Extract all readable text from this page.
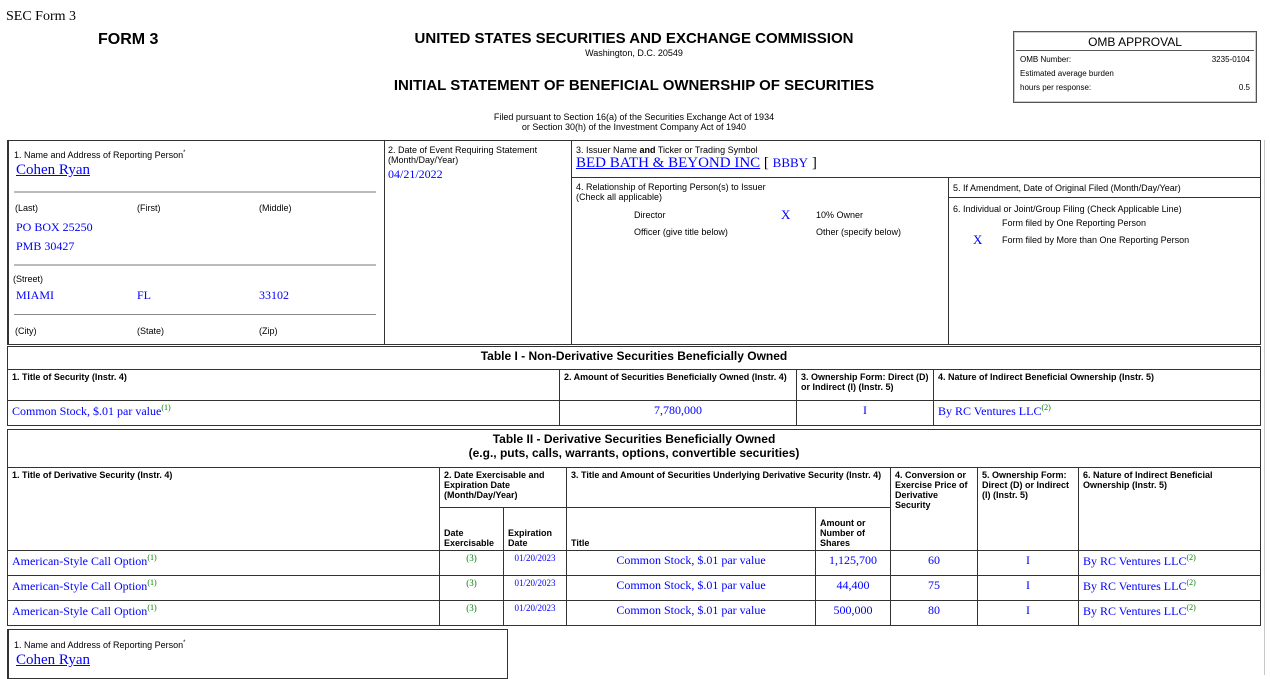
SEC Form 3
FORM 3	UNITED STATES SECURITIES AND EXCHANGE COMMISSION
Washington, D.C. 20549
INITIAL STATEMENT OF BENEFICIAL OWNERSHIP OF SECURITIES
Filed pursuant to Section 16(a) of the Securities Exchange Act of 1934
or Section 30(h) of the Investment Company Act of 1940
OMB APPROVAL
OMB Number:	3235-0104
Estimated average burden
hours per response:	0.5
1. Name and Address of Reporting Person*
Cohen Ryan
(Last)	(First)	(Middle)
PO BOX 25250
PMB 30427
(Street)
MIAMI	FL	33102
(City)	(State)	(Zip)
2. Date of Event Requiring Statement
(Month/Day/Year)
04/21/2022
3. Issuer Name and Ticker or Trading Symbol
BED BATH & BEYOND INC [ BBBY ]
4. Relationship of Reporting Person(s) to Issuer
(Check all applicable)
Director	X	10% Owner
Officer (give title below)	Other (specify below)
5. If Amendment, Date of Original Filed (Month/Day/Year)
6. Individual or Joint/Group Filing (Check Applicable Line)
Form filed by One Reporting Person
X Form filed by More than One Reporting Person
Table I - Non-Derivative Securities Beneficially Owned			
1. Title of Security (Instr. 4)	2. Amount of Securities Beneficially Owned (Instr. 4)	3. Ownership Form: Direct (D) or Indirect (I) (Instr. 5)	4. Nature of Indirect Beneficial Ownership (Instr. 5)
Common Stock, $.01 par value$^{(1)}$	7,780,000	I	By RC Ventures LLC$^{(2)}$
Table II - Derivative Securities Beneficially Owned
(e.g., puts, calls, warrants, options, convertible securities)							

1. Title of Derivative Security (Instr. 4)	2. Date Exercisable and Expiration Date (Month/Day/Year)		3. Title and Amount of Securities Underlying Derivative Security (Instr. 4)		4. Conversion or Exercise Price of Derivative Security	5. Ownership Form: Direct (D) or Indirect (I) (Instr. 5)	6. Nature of Indirect Beneficial Ownership (Instr. 5)
	Date Exercisable	Expiration Date	Title	Amount or Number of Shares			
American-Style Call Option$^{(1)}$	(3)	01/20/2023	Common Stock, $.01 par value	1,125,700	60	I	By RC Ventures LLC$^{(2)}$
American-Style Call Option$^{(1)}$	(3)	01/20/2023	Common Stock, $.01 par value	44,400	75	I	By RC Ventures LLC$^{(2)}$
American-Style Call Option$^{(1)}$	(3)	01/20/2023	Common Stock, $.01 par value	500,000	80	I	By RC Ventures LLC$^{(2)}$
1. Name and Address of Reporting Person*
Cohen Ryan
